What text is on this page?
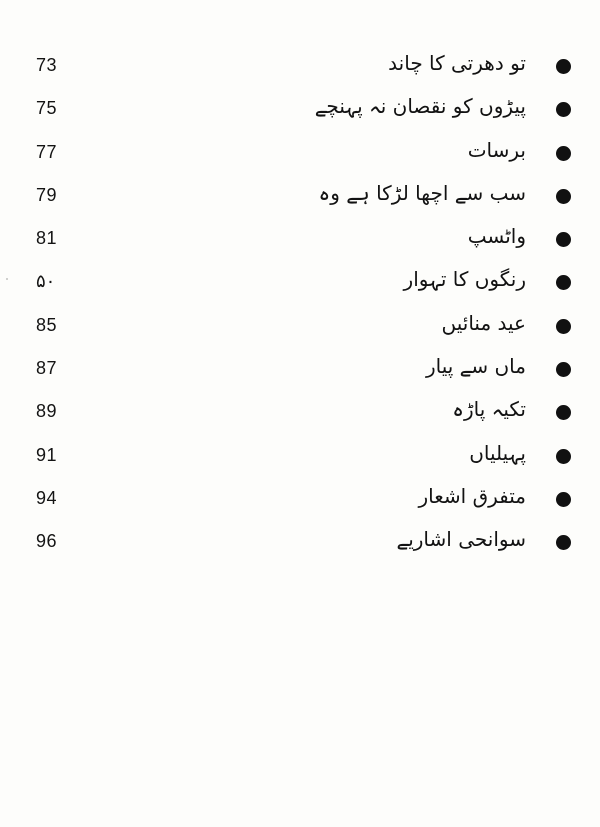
73	تو دھرتی کا چاند
75	پیڑوں کو نقصان نہ پہنچے
77	برسات
79	سب سے اچھا لڑکا ہے وہ
81	واٹسپ
۵۰	رنگوں کا تہوار
85	عید منائیں
87	ماں سے پیار
89	تکیہ پاڑہ
91	پہیلیاں
94	متفرق اشعار
96	سوانحی اشاریے
